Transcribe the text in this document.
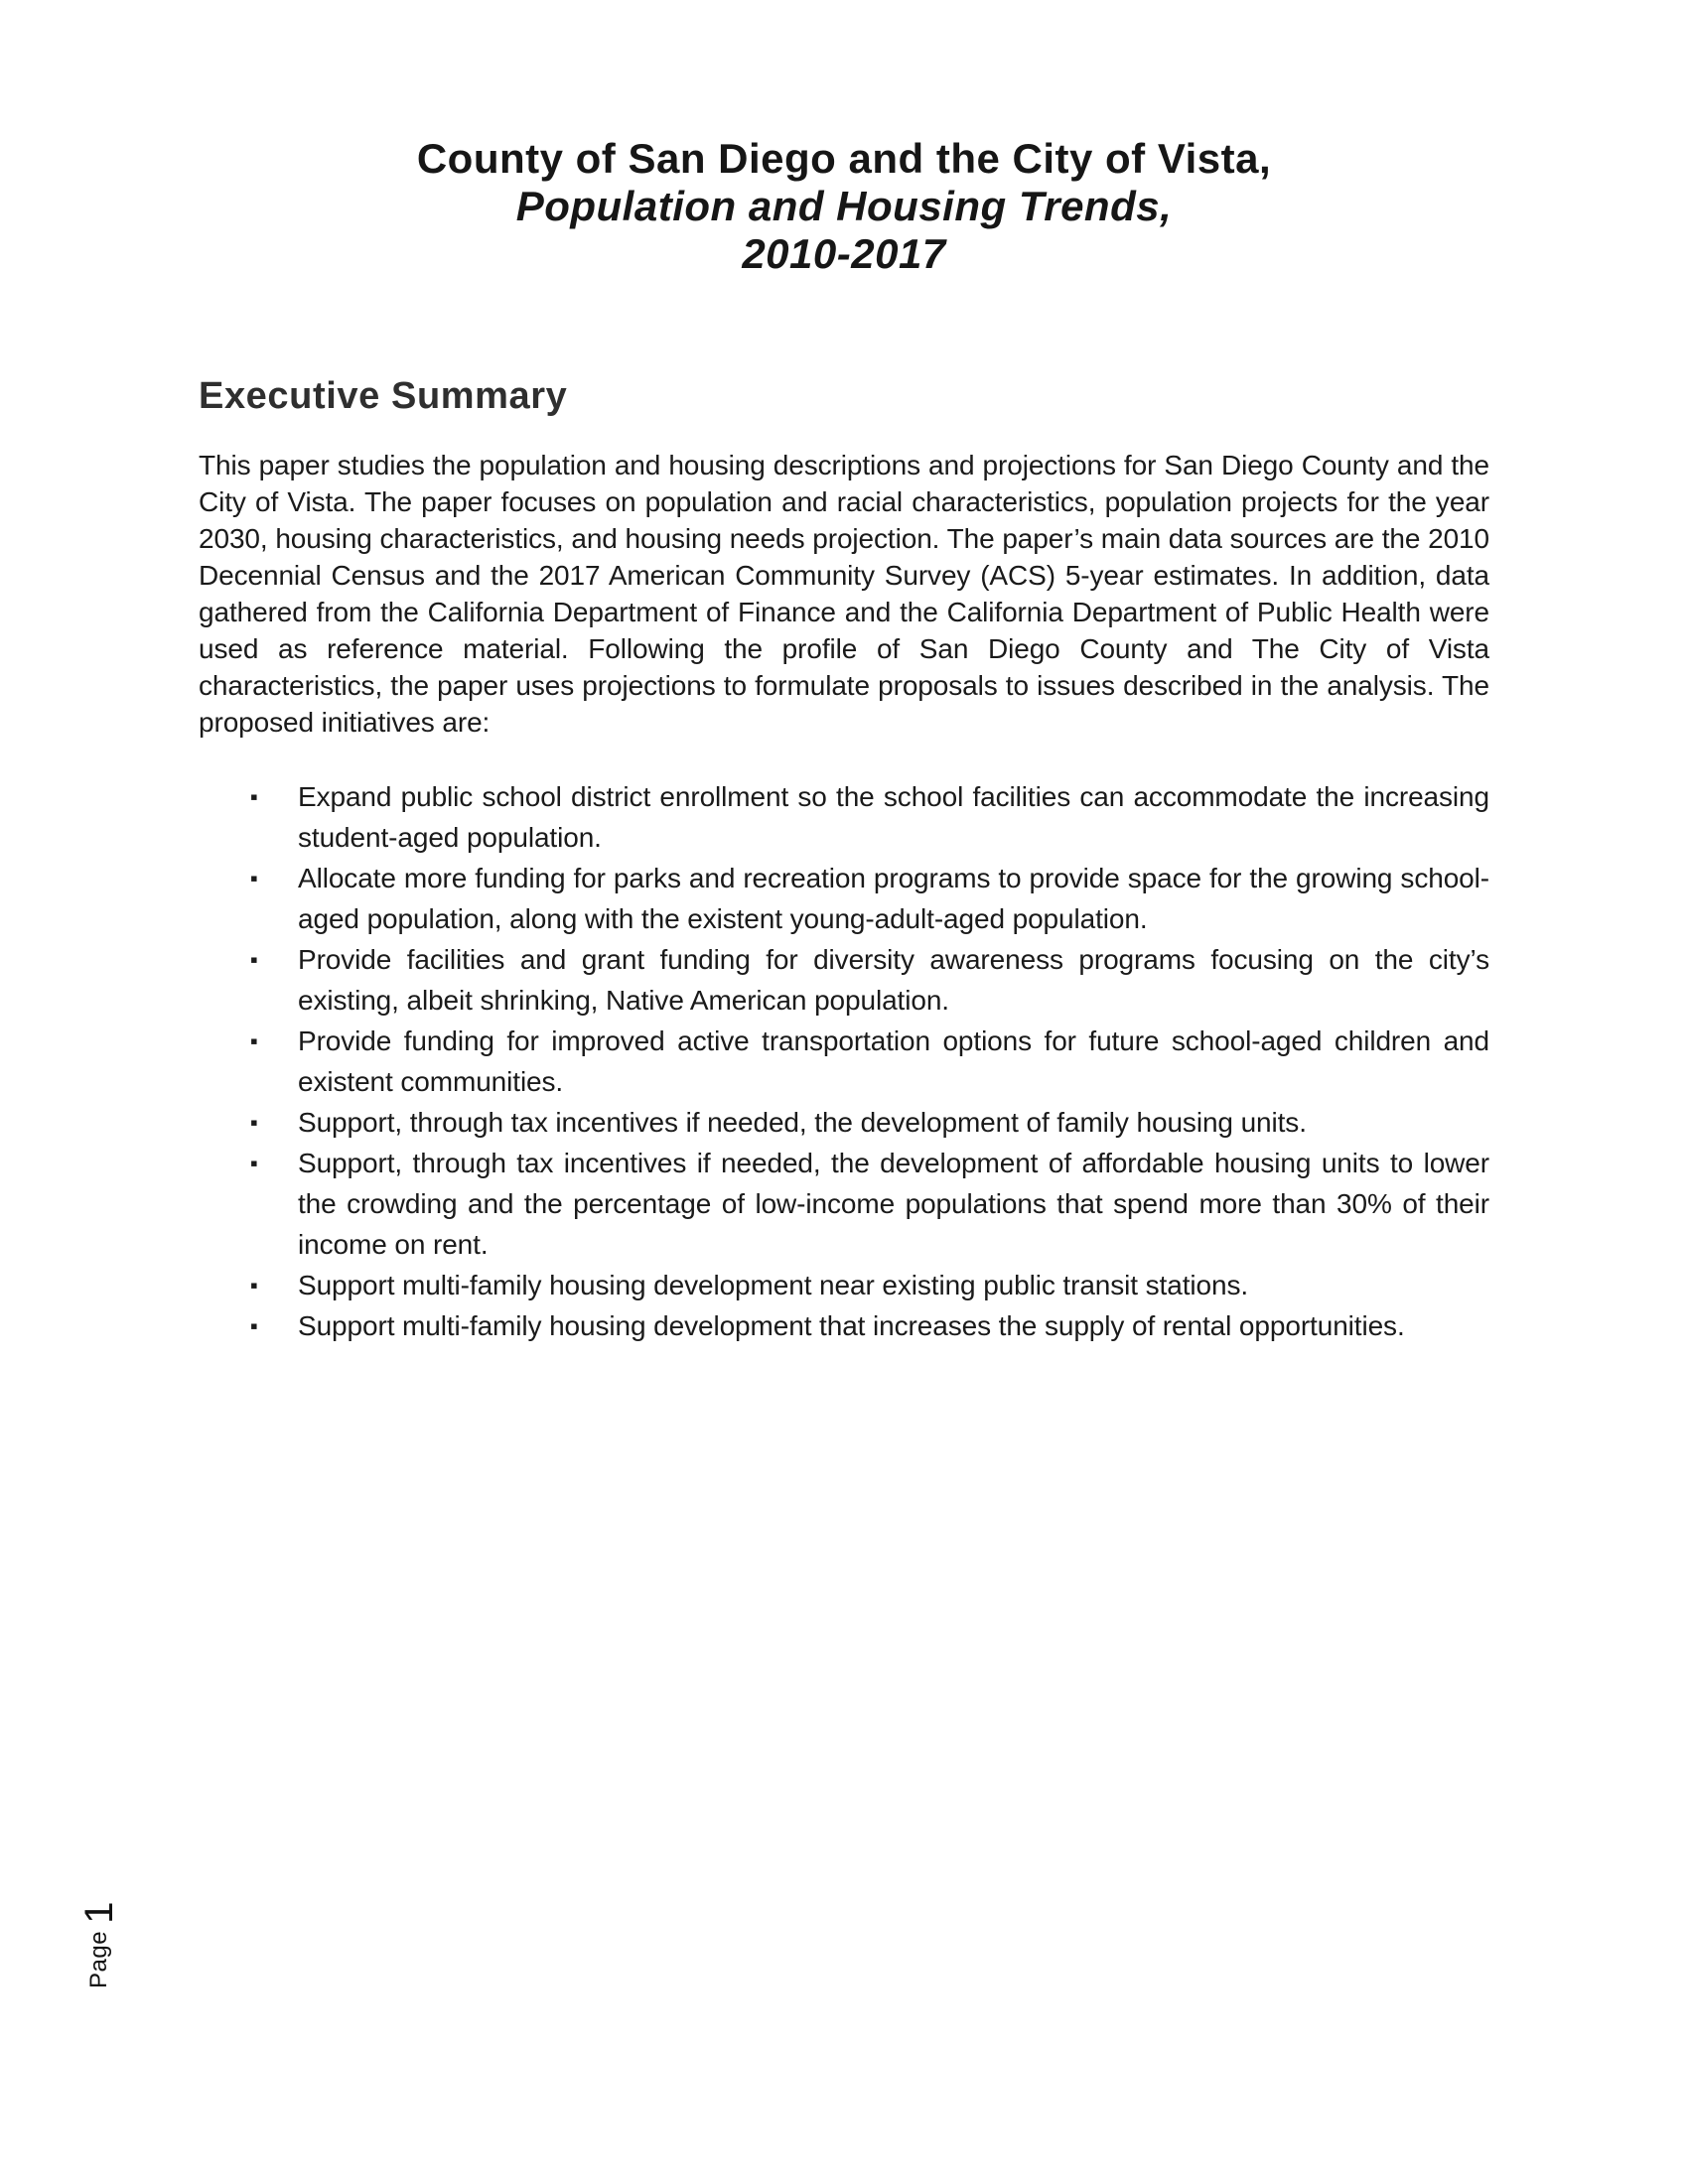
County of San Diego and the City of Vista,
Population and Housing Trends,
2010-2017
Executive Summary

This paper studies the population and housing descriptions and projections for San Diego County and the City of Vista. The paper focuses on population and racial characteristics, population projects for the year 2030, housing characteristics, and housing needs projection. The paper’s main data sources are the 2010 Decennial Census and the 2017 American Community Survey (ACS) 5-year estimates. In addition, data gathered from the California Department of Finance and the California Department of Public Health were used as reference material. Following the profile of San Diego County and The City of Vista characteristics, the paper uses projections to formulate proposals to issues described in the analysis. The proposed initiatives are:

▪ Expand public school district enrollment so the school facilities can accommodate the increasing student-aged population.
▪ Allocate more funding for parks and recreation programs to provide space for the growing school-aged population, along with the existent young-adult-aged population.
▪ Provide facilities and grant funding for diversity awareness programs focusing on the city’s existing, albeit shrinking, Native American population.
▪ Provide funding for improved active transportation options for future school-aged children and existent communities.
▪ Support, through tax incentives if needed, the development of family housing units.
▪ Support, through tax incentives if needed, the development of affordable housing units to lower the crowding and the percentage of low-income populations that spend more than 30% of their income on rent.
▪ Support multi-family housing development near existing public transit stations.
▪ Support multi-family housing development that increases the supply of rental opportunities.
Page 1
